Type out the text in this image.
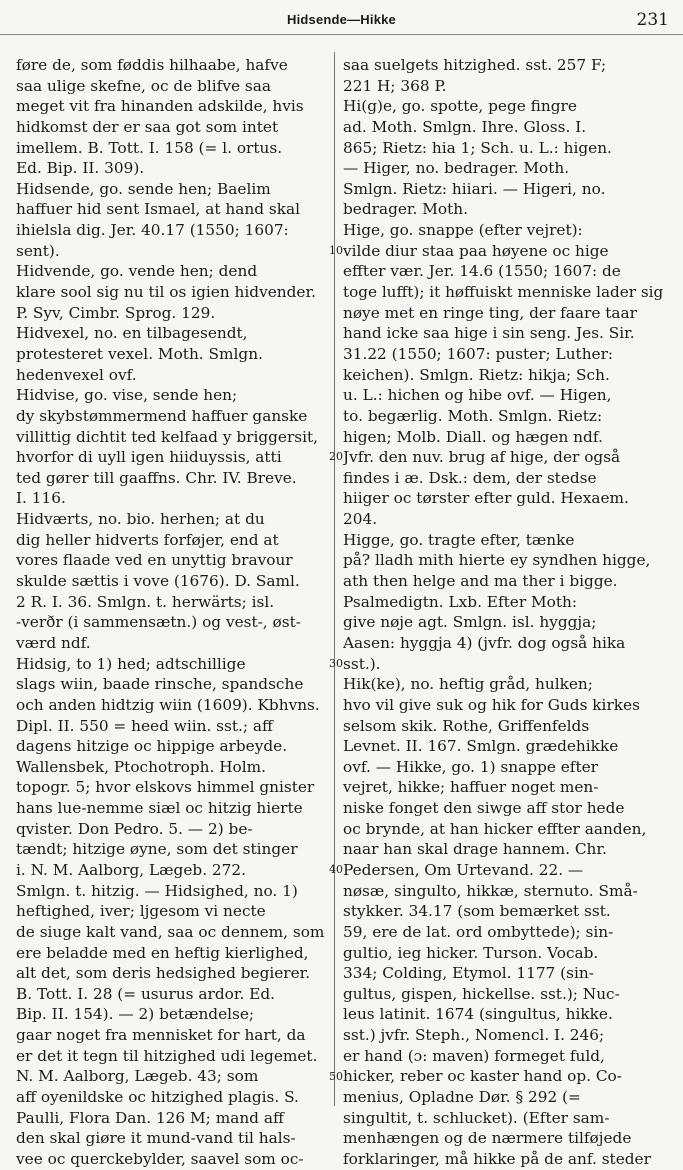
Hidsende—Hikke	231
føre de, som føddis hilhaabe, hafve
saa ulige skefne, oc de blifve saa
meget vit fra hinanden adskilde, hvis
hidkomst der er saa got som intet
imellem. B. Tott. I. 158 (= l. ortus.
Ed. Bip. II. 309).
Hidsende, go. sende hen; Baelim
haffuer hid sent Ismael, at hand skal
ihielsla dig. Jer. 40.17 (1550; 1607:
sent).
Hidvende, go. vende hen; dend
klare sool sig nu til os igien hidvender.
P. Syv, Cimbr. Sprog. 129.
Hidvexel, no. en tilbagesendt,
protesteret vexel. Moth. Smlgn.
hedenvexel ovf.
Hidvise, go. vise, sende hen;
dy skybstømmermend haffuer ganske
villittig dichtit ted kelfaad y briggersit,
hvorfor di uyll igen hiiduyssis, atti
ted gører till gaaffns. Chr. IV. Breve.
I. 116.
Hidværts, no. bio. herhen; at du
dig heller hidverts forføjer, end at
vores flaade ved en unyttig bravour
skulde sættis i vove (1676). D. Saml.
2 R. I. 36. Smlgn. t. herwärts; isl.
-verðr (i sammensætn.) og vest-, øst-
værd ndf.
Hidsig, to 1) hed; adtschillige
slags wiin, baade rinsche, spandsche
och anden hidtzig wiin (1609). Kbhvns.
Dipl. II. 550 = heed wiin. sst.; aff
dagens hitzige oc hippige arbeyde.
Wallensbek, Ptochotroph. Holm.
topogr. 5; hvor elskovs himmel gnister
hans lue-nemme siæl oc hitzig hierte
qvister. Don Pedro. 5. — 2) be-
tændt; hitzige øyne, som det stinger
i. N. M. Aalborg, Lægeb. 272.
Smlgn. t. hitzig. — Hidsighed, no. 1)
heftighed, iver; ljgesom vi necte
de siuge kalt vand, saa oc dennem, som
ere beladde med en heftig kierlighed,
alt det, som deris hedsighed begierer.
B. Tott. I. 28 (= usurus ardor. Ed.
Bip. II. 154). — 2) betændelse;
gaar noget fra mennisket for hart, da
er det it tegn til hitzighed udi legemet.
N. M. Aalborg, Lægeb. 43; som
aff oyenildske oc hitzighed plagis. S.
Paulli, Flora Dan. 126 M; mand aff
den skal giøre it mund-vand til hals-
vee oc querckebylder, saavel som oc-
saa suelgets hitzighed. sst. 257 F;
221 H; 368 P.
Hi(g)e, go. spotte, pege fingre
ad. Moth. Smlgn. Ihre. Gloss. I.
865; Rietz: hia 1; Sch. u. L.: higen.
— Higer, no. bedrager. Moth.
Smlgn. Rietz: hiiari. — Higeri, no.
bedrager. Moth.
Hige, go. snappe (efter vejret):
vilde diur staa paa høyene oc hige
effter vær. Jer. 14.6 (1550; 1607: de
toge lufft); it høffuiskt menniske lader sig
nøye met en ringe ting, der faare taar
hand icke saa hige i sin seng. Jes. Sir.
31.22 (1550; 1607: puster; Luther:
keichen). Smlgn. Rietz: hikja; Sch.
u. L.: hichen og hibe ovf. — Higen,
to. begærlig. Moth. Smlgn. Rietz:
higen; Molb. Diall. og hægen ndf.
Jvfr. den nuv. brug af hige, der også
findes i æ. Dsk.: dem, der stedse
hiiger oc tørster efter guld. Hexaem.
204.
Higge, go. tragte efter, tænke
på? lladh mith hierte ey syndhen higge,
ath then helge and ma ther i bigge.
Psalmedigtn. Lxb. Efter Moth:
give nøje agt. Smlgn. isl. hyggja;
Aasen: hyggja 4) (jvfr. dog også hika
sst.).
Hik(ke), no. heftig gråd, hulken;
hvo vil give suk og hik for Guds kirkes
selsom skik. Rothe, Griffenfelds
Levnet. II. 167. Smlgn. grædehikke
ovf. — Hikke, go. 1) snappe efter
vejret, hikke; haffuer noget men-
niske fonget den siwge aff stor hede
oc brynde, at han hicker effter aanden,
naar han skal drage hannem. Chr.
Pedersen, Om Urtevand. 22. —
nøsæ, singulto, hikkæ, sternuto. Små-
stykker. 34.17 (som bemærket sst.
59, ere de lat. ord ombyttede); sin-
gultio, ieg hicker. Turson. Vocab.
334; Colding, Etymol. 1177 (sin-
gultus, gispen, hickellse. sst.); Nuc-
leus latinit. 1674 (singultus, hikke.
sst.) jvfr. Steph., Nomencl. I. 246;
er hand (ɔ: maven) formeget fuld,
hicker, reber oc kaster hand op. Co-
menius, Opladne Dør. § 292 (=
singultit, t. schlucket). (Efter sam-
menhængen og de nærmere tilføjede
forklaringer, må hikke på de anf. steder
10
20
30
40
50
